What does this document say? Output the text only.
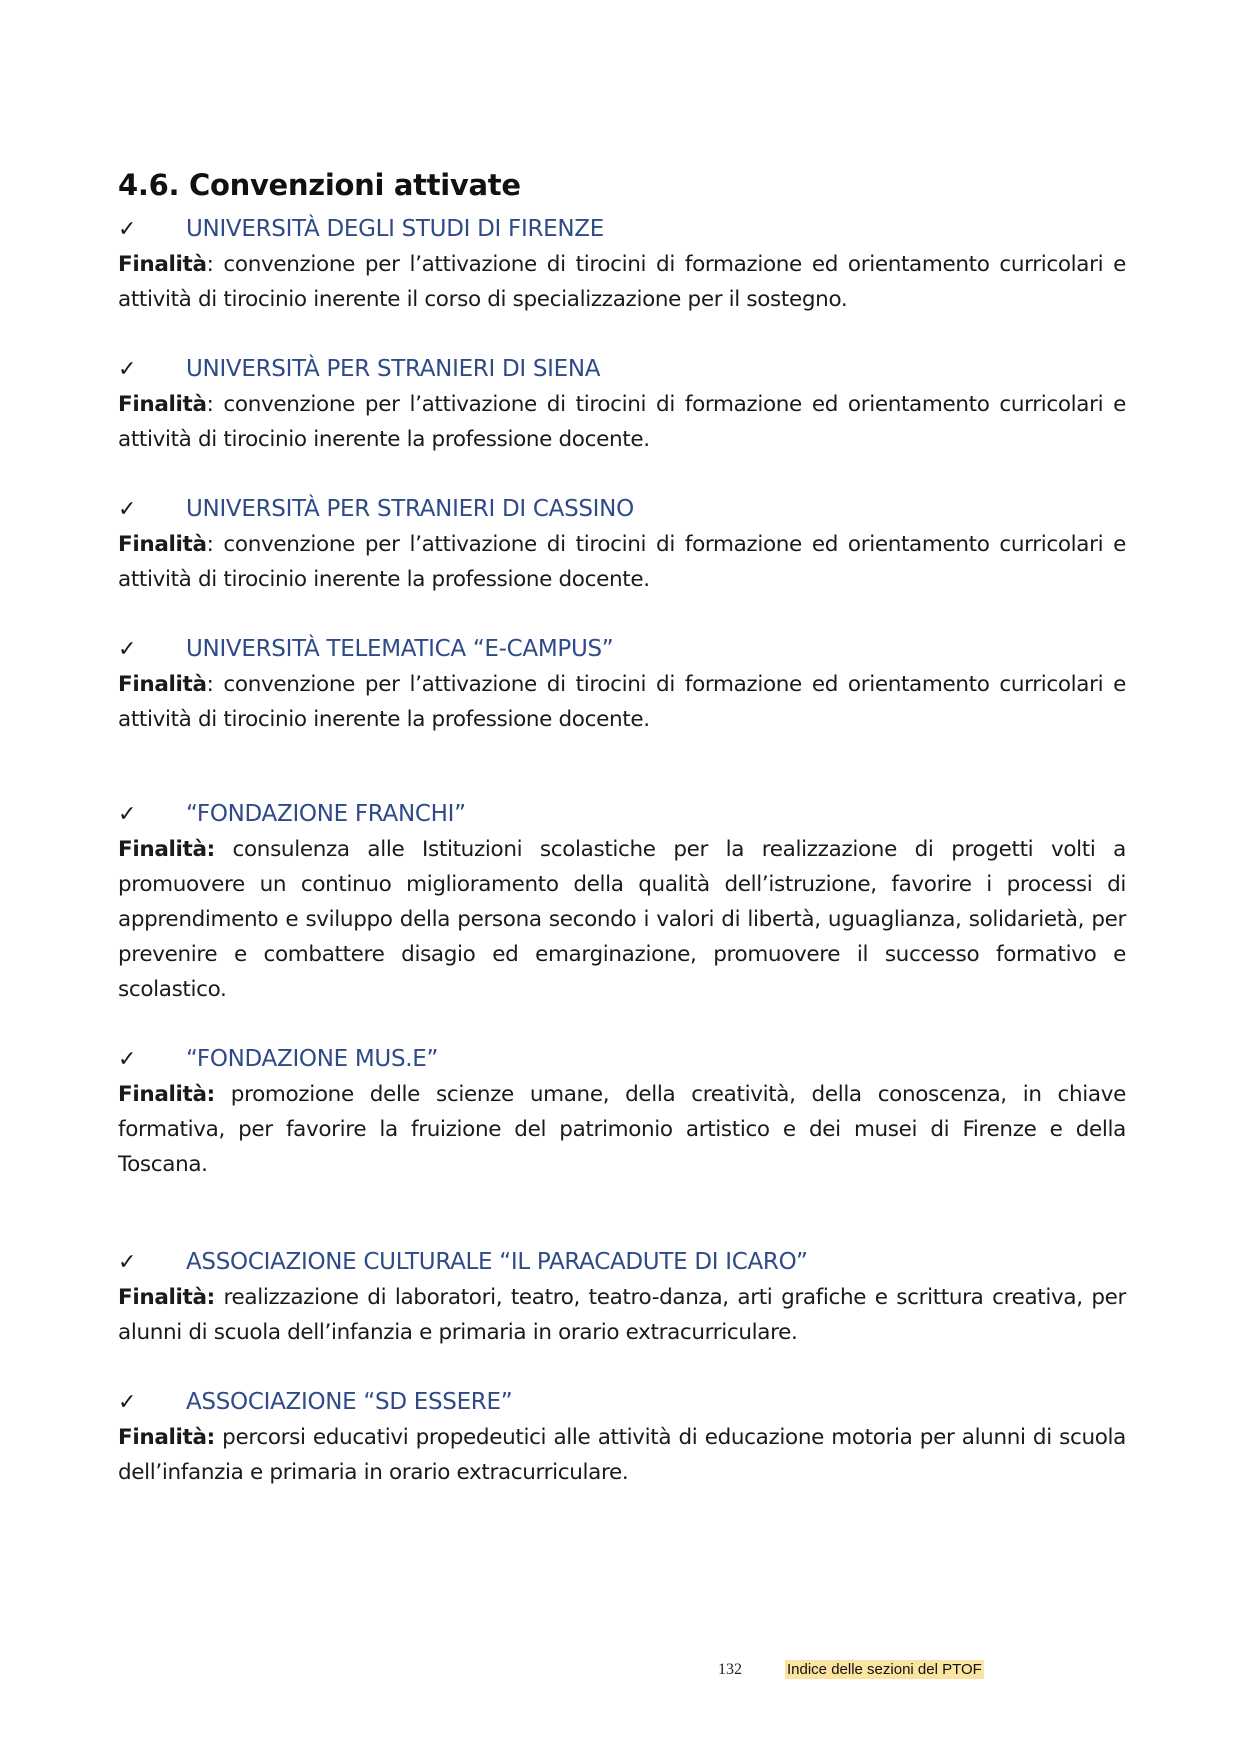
4.6. Convenzioni attivate
✓	UNIVERSITÀ DEGLI STUDI DI FIRENZE

Finalità: convenzione per l’attivazione di tirocini di formazione ed orientamento curricolari e attività di tirocinio inerente il corso di specializzazione per il sostegno.

✓	UNIVERSITÀ PER STRANIERI DI SIENA

Finalità: convenzione per l’attivazione di tirocini di formazione ed orientamento curricolari e attività di tirocinio inerente la professione docente.

✓	UNIVERSITÀ PER STRANIERI DI CASSINO

Finalità: convenzione per l’attivazione di tirocini di formazione ed orientamento curricolari e attività di tirocinio inerente la professione docente.

✓	UNIVERSITÀ TELEMATICA “E-CAMPUS”

Finalità: convenzione per l’attivazione di tirocini di formazione ed orientamento curricolari e attività di tirocinio inerente la professione docente.

✓	“FONDAZIONE FRANCHI”

Finalità: consulenza alle Istituzioni scolastiche per la realizzazione di progetti volti a promuovere un continuo miglioramento della qualità dell’istruzione, favorire i processi di apprendimento e sviluppo della persona secondo i valori di libertà, uguaglianza, solidarietà, per prevenire e combattere disagio ed emarginazione, promuovere il successo formativo e scolastico.

✓	“FONDAZIONE MUS.E”

Finalità: promozione delle scienze umane, della creatività, della conoscenza, in chiave formativa, per favorire la fruizione del patrimonio artistico e dei musei di Firenze e della Toscana.

✓	ASSOCIAZIONE CULTURALE “IL PARACADUTE DI ICARO”

Finalità: realizzazione di laboratori, teatro, teatro-danza, arti grafiche e scrittura creativa, per alunni di scuola dell’infanzia e primaria in orario extracurriculare.

✓	ASSOCIAZIONE “SD ESSERE”

Finalità: percorsi educativi propedeutici alle attività di educazione motoria per alunni di scuola dell’infanzia e primaria in orario extracurriculare.

132	Indice delle sezioni del PTOF
